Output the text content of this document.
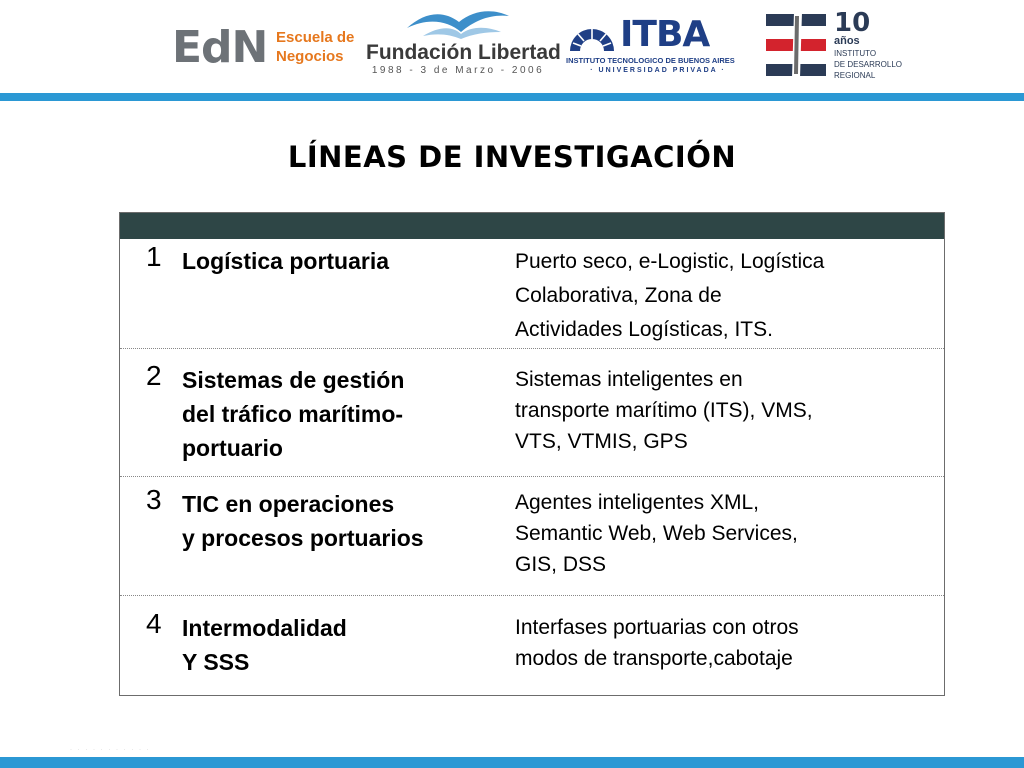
EdN Escuela de
Negocios	Fundación Libertad
1988 - 3 de Marzo - 2006
ITBA
INSTITUTO TECNOLOGICO DE BUENOS AIRES
· UNIVERSIDAD PRIVADA ·
10
años
INSTITUTO
DE DESARROLLO
REGIONAL
LÍNEAS DE INVESTIGACIÓN
1 Logística portuaria	Puerto seco, e-Logistic, Logística
Colaborativa, Zona de
Actividades Logísticas, ITS.
2 Sistemas de gestión
del tráfico marítimo-
portuario
Sistemas inteligentes en
transporte marítimo (ITS), VMS,
VTS, VTMIS, GPS
3 TIC en operaciones
y procesos portuarios
Agentes inteligentes XML,
Semantic Web, Web Services,
GIS, DSS
4 Intermodalidad
Y SSS
Interfases portuarias con otros
modos de transporte,cabotaje
· · · · · · · · · · ·
